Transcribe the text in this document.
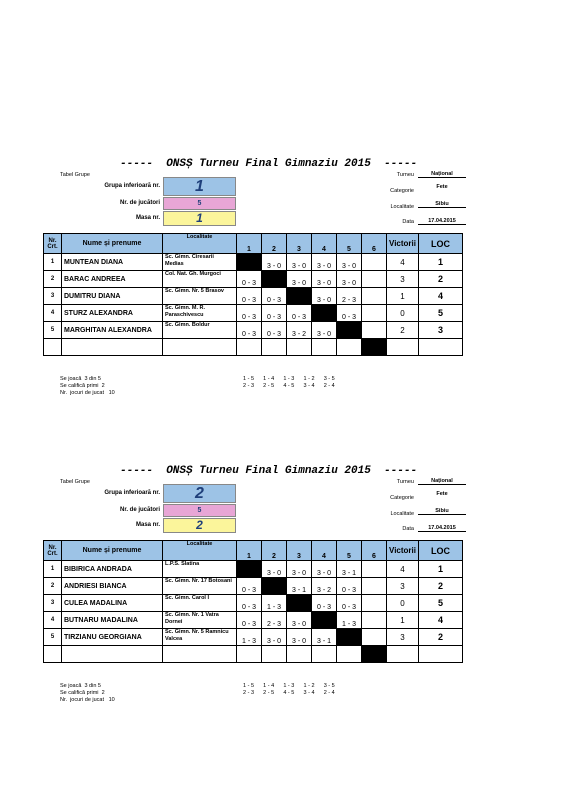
-----  ONSȘ Turneu Final Gimnaziu 2015  -----
Tabel Grupe
Grupa inferioară nr.	1
Nr. de jucători	5
Masa nr.	1
Turneu	Național
Categorie
Fete
Localitate	Sibiu
Data	17.04.2015
Nr. Crt.	Nume și prenume	Localitate	1	2	3	4	5	6	Victorii	LOC
1	MUNTEAN DIANA	Sc. Gimn. Ciresarii Medias		3 - 0	3 - 0	3 - 0	3 - 0		4	1
2	BARAC ANDREEA	Col. Nat. Gh. Murgoci	0 - 3		3 - 0	3 - 0	3 - 0		3	2
3	DUMITRU DIANA	Sc. Gimn. Nr. 5 Brasov	0 - 3	0 - 3		3 - 0	2 - 3		1	4
4	STURZ ALEXANDRA	Sc. Gimn. M. R. Paraschivescu	0 - 3	0 - 3	0 - 3		0 - 3		0	5
5	MARGHITAN ALEXANDRA	Sc. Gimn. Boldur	0 - 3	0 - 3	3 - 2	3 - 0			2	3

Se joacă  3 din 5
Se califică primi  2
Nr.  jocuri de jucat   10
1 - 5      1 - 4      1 - 3      1 - 2      3 - 5
2 - 3      2 - 5      4 - 5      3 - 4      2 - 4
-----  ONSȘ Turneu Final Gimnaziu 2015  -----
Tabel Grupe
Grupa inferioară nr.	2
Nr. de jucători	5
Masa nr.	2
Turneu	Național
Categorie
Fete
Localitate	Sibiu
Data	17.04.2015
Nr. Crt.	Nume și prenume	Localitate	1	2	3	4	5	6	Victorii	LOC
1	BIBIRICA ANDRADA	L.P.S. Slatina		3 - 0	3 - 0	3 - 0	3 - 1		4	1
2	ANDRIESI BIANCA	Sc. Gimn. Nr. 17 Botosani	0 - 3		3 - 1	3 - 2	0 - 3		3	2
3	CULEA MADALINA	Sc. Gimn. Carol I	0 - 3	1 - 3		0 - 3	0 - 3		0	5
4	BUTNARU MADALINA	Sc. Gimn. Nr. 1 Vatra Dornei	0 - 3	2 - 3	3 - 0		1 - 3		1	4
5	TIRZIANU GEORGIANA	Sc. Gimn. Nr. 5 Ramnicu Valcea	1 - 3	3 - 0	3 - 0	3 - 1			3	2

Se joacă  3 din 5
Se califică primi  2
Nr.  jocuri de jucat   10
1 - 5      1 - 4      1 - 3      1 - 2      3 - 5
2 - 3      2 - 5      4 - 5      3 - 4      2 - 4
